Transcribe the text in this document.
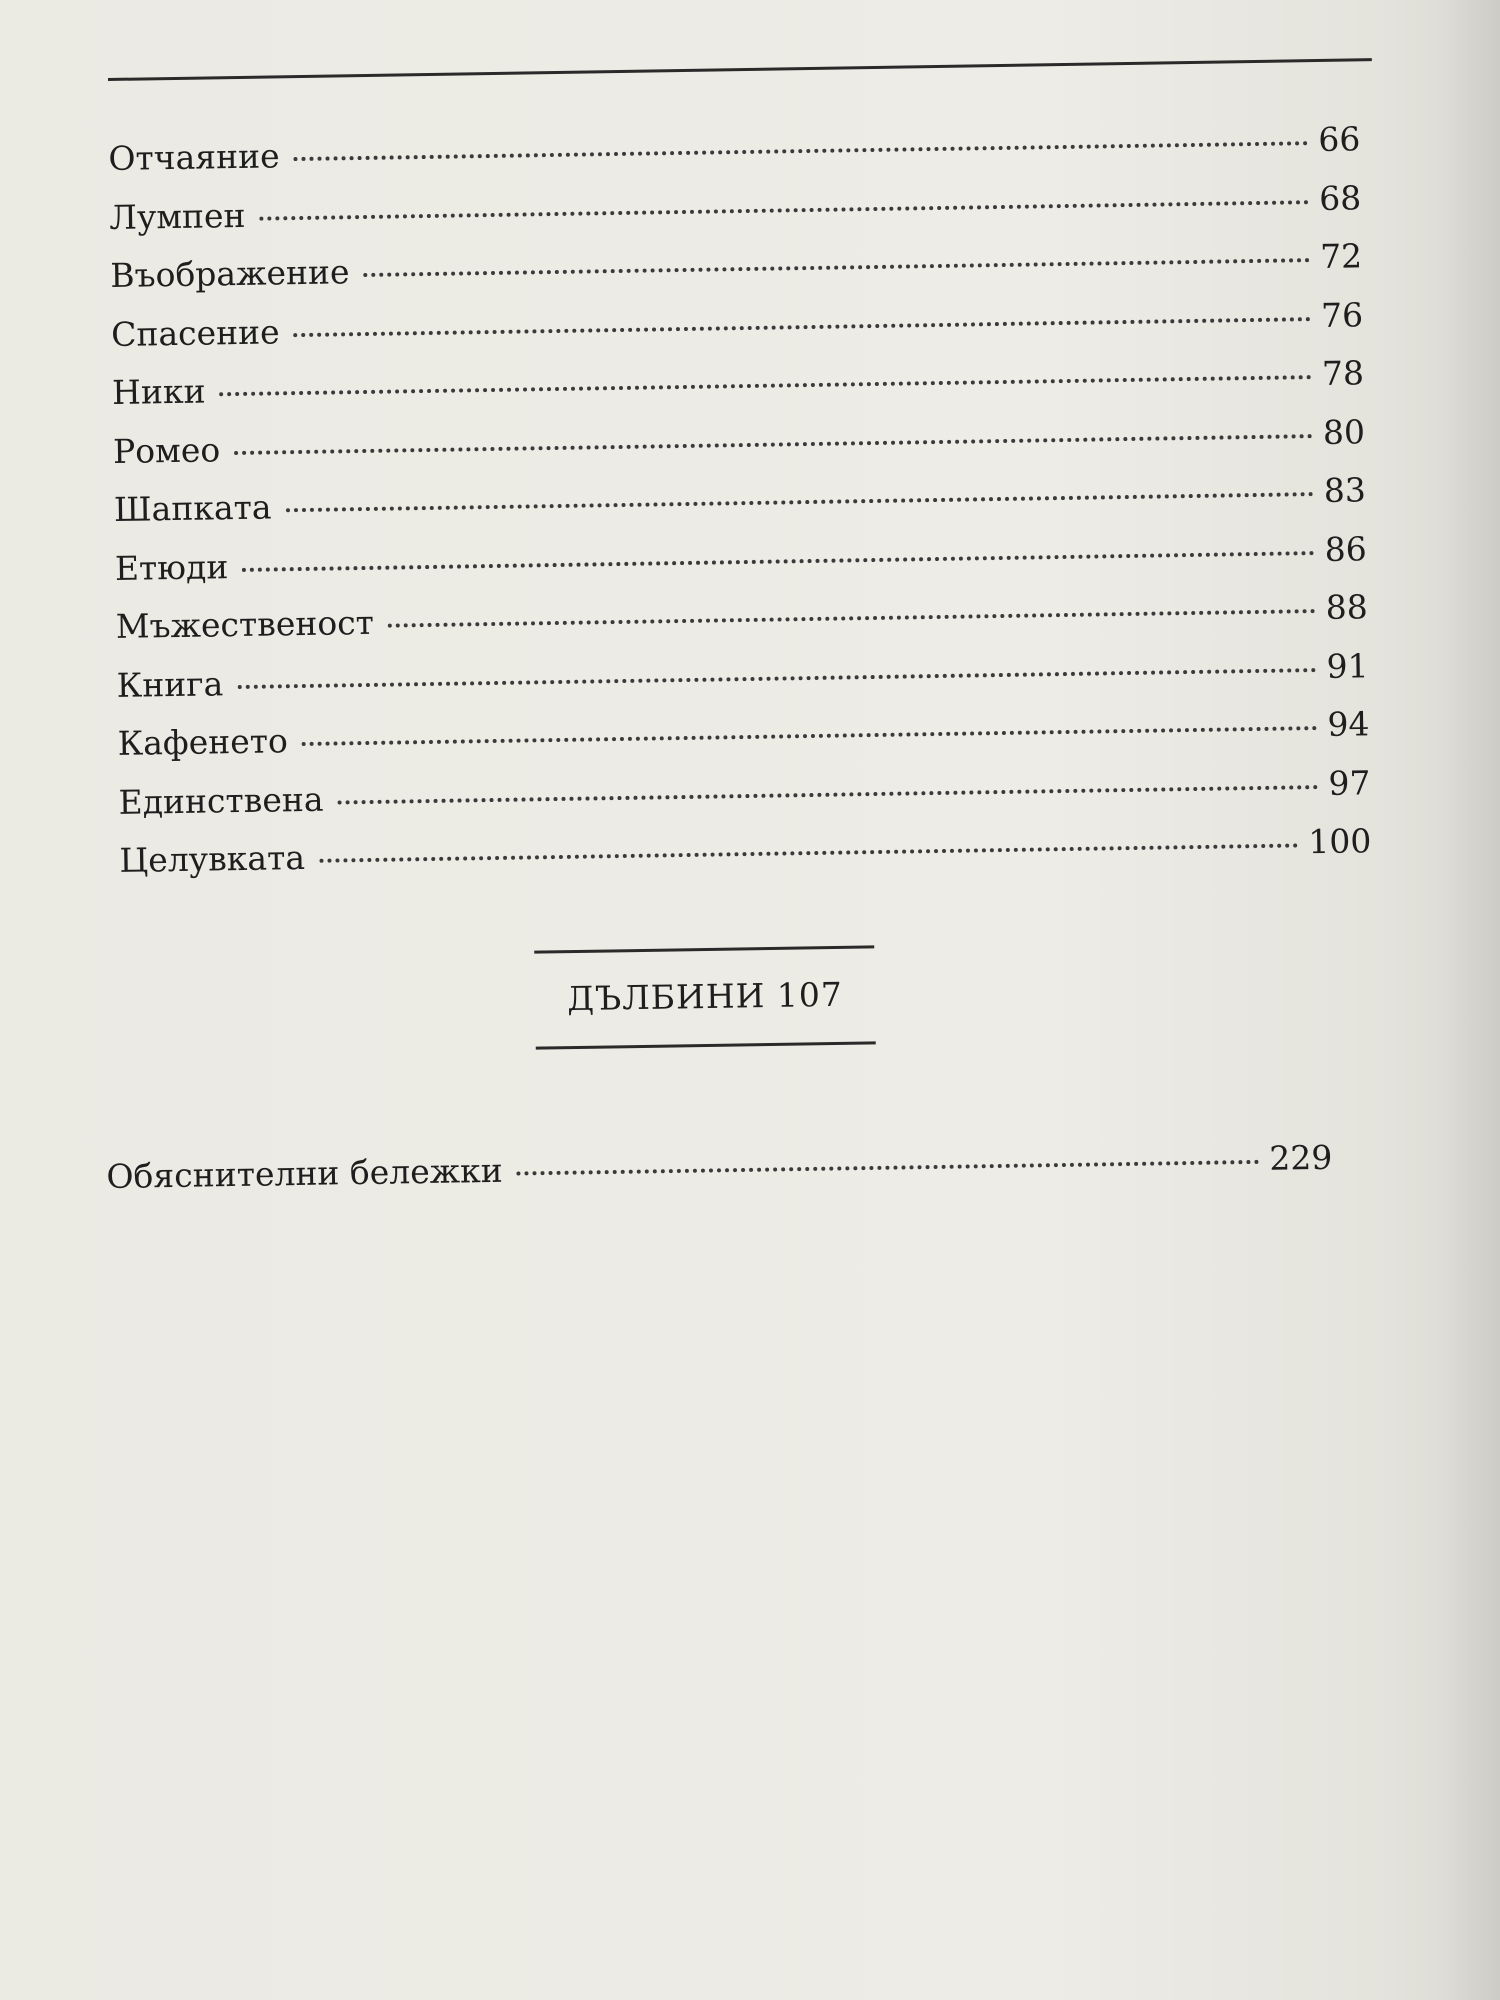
Отчаяние	66
Лумпен	68
Въображение	72
Спасение	76
Ники	78
Ромео	80
Шапката	83
Етюди	86
Мъжественост	88
Книга	91
Кафенето	94
Единствена	97
Целувката	100
ДЪЛБИНИ 107
Обяснителни бележки	229
